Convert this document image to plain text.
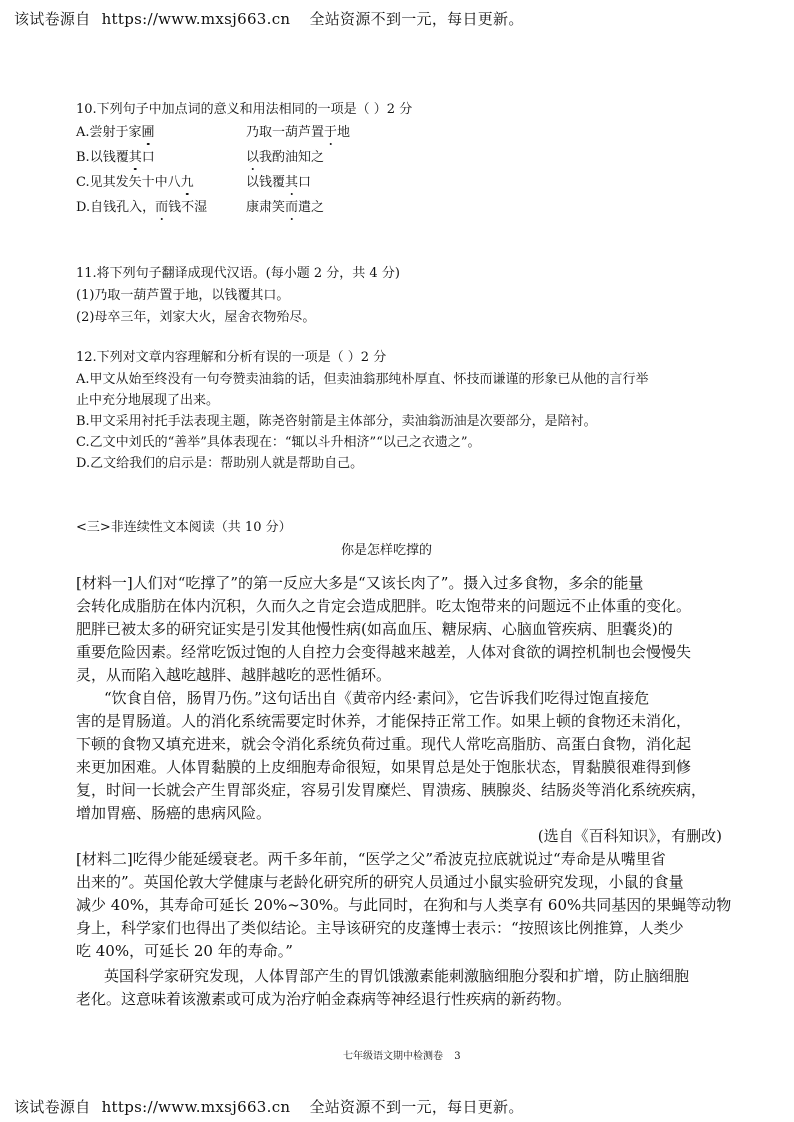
该试卷源自 https://www.mxsj663.cn 全站资源不到一元，每日更新。
10.下列句子中加点词的意义和用法相同的一项是（ ）2 分
A.尝射于家圃	乃取一葫芦置于地
B.以钱覆其口	以我酌油知之
C.见其发矢十中八九	以钱覆其口
D.自钱孔入，而钱不湿	康肃笑而遣之
11.将下列句子翻译成现代汉语。(每小题 2 分，共 4 分)
(1)乃取一葫芦置于地，以钱覆其口。
(2)母卒三年，刘家大火，屋舍衣物殆尽。
12.下列对文章内容理解和分析有误的一项是（ ）2 分
A.甲文从始至终没有一句夸赞卖油翁的话，但卖油翁那纯朴厚直、怀技而谦谨的形象已从他的言行举
止中充分地展现了出来。
B.甲文采用衬托手法表现主题，陈尧咨射箭是主体部分，卖油翁沥油是次要部分，是陪衬。
C.乙文中刘氏的“善举”具体表现在：“辄以斗升相济”“以己之衣遗之”。
D.乙文给我们的启示是：帮助别人就是帮助自己。
<三>非连续性文本阅读（共 10 分）
你是怎样吃撑的
[材料一]人们对“吃撑了”的第一反应大多是“又该长肉了”。摄入过多食物，多余的能量
会转化成脂肪在体内沉积，久而久之肯定会造成肥胖。吃太饱带来的问题远不止体重的变化。
肥胖已被太多的研究证实是引发其他慢性病(如高血压、糖尿病、心脑血管疾病、胆囊炎)的
重要危险因素。经常吃饭过饱的人自控力会变得越来越差，人体对食欲的调控机制也会慢慢失
灵，从而陷入越吃越胖、越胖越吃的恶性循环。
“饮食自倍，肠胃乃伤。”这句话出自《黄帝内经·素问》，它告诉我们吃得过饱直接危
害的是胃肠道。人的消化系统需要定时休养，才能保持正常工作。如果上顿的食物还未消化，
下顿的食物又填充进来，就会令消化系统负荷过重。现代人常吃高脂肪、高蛋白食物，消化起
来更加困难。人体胃黏膜的上皮细胞寿命很短，如果胃总是处于饱胀状态，胃黏膜很难得到修
复，时间一长就会产生胃部炎症，容易引发胃糜烂、胃溃疡、胰腺炎、结肠炎等消化系统疾病，
增加胃癌、肠癌的患病风险。
(选自《百科知识》，有删改)
[材料二]吃得少能延缓衰老。两千多年前，“医学之父”希波克拉底就说过“寿命是从嘴里省
出来的”。英国伦敦大学健康与老龄化研究所的研究人员通过小鼠实验研究发现，小鼠的食量
减少 40%，其寿命可延长 20%~30%。与此同时，在狗和与人类享有 60%共同基因的果蝇等动物
身上，科学家们也得出了类似结论。主导该研究的皮蓬博士表示：“按照该比例推算，人类少
吃 40%，可延长 20 年的寿命。”
英国科学家研究发现，人体胃部产生的胃饥饿激素能刺激脑细胞分裂和扩增，防止脑细胞
老化。这意味着该激素或可成为治疗帕金森病等神经退行性疾病的新药物。
七年级语文期中检测卷 3
该试卷源自 https://www.mxsj663.cn 全站资源不到一元，每日更新。
